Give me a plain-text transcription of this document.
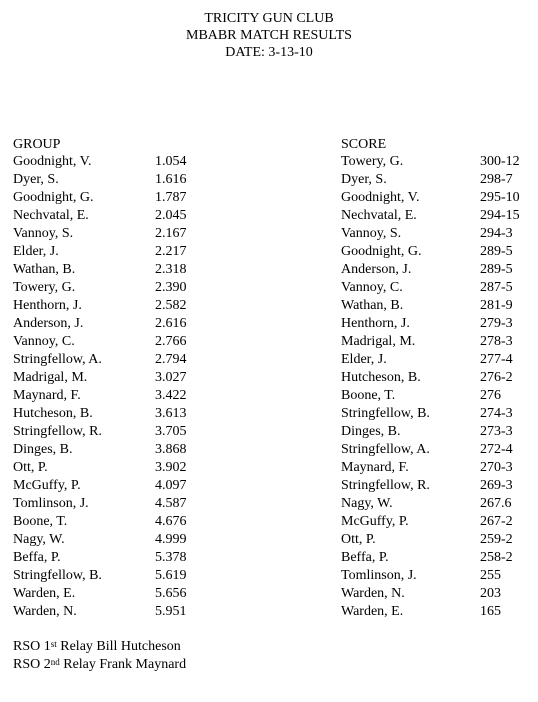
TRICITY GUN CLUB
MBABR MATCH RESULTS
DATE: 3-13-10
GROUP	SCORE
Goodnight, V.	1.054
Dyer, S.	1.616
Goodnight, G.	1.787
Nechvatal, E.	2.045
Vannoy, S.	2.167
Elder, J.	2.217
Wathan, B.	2.318
Towery, G.	2.390
Henthorn, J.	2.582
Anderson, J.	2.616
Vannoy, C.	2.766
Stringfellow, A.	2.794
Madrigal, M.	3.027
Maynard, F.	3.422
Hutcheson, B.	3.613
Stringfellow, R.	3.705
Dinges, B.	3.868
Ott, P.	3.902
McGuffy, P.	4.097
Tomlinson, J.	4.587
Boone, T.	4.676
Nagy, W.	4.999
Beffa, P.	5.378
Stringfellow, B.	5.619
Warden, E.	5.656
Warden, N.	5.951
Towery, G.	300-12
Dyer, S.	298-7
Goodnight, V.	295-10
Nechvatal, E.	294-15
Vannoy, S.	294-3
Goodnight, G.	289-5
Anderson, J.	289-5
Vannoy, C.	287-5
Wathan, B.	281-9
Henthorn, J.	279-3
Madrigal, M.	278-3
Elder, J.	277-4
Hutcheson, B.	276-2
Boone, T.	276
Stringfellow, B.	274-3
Dinges, B.	273-3
Stringfellow, A.	272-4
Maynard, F.	270-3
Stringfellow, R.	269-3
Nagy, W.	267.6
McGuffy, P.	267-2
Ott, P.	259-2
Beffa, P.	258-2
Tomlinson, J.	255
Warden, N.	203
Warden, E.	165
RSO 1st Relay Bill Hutcheson
RSO 2nd Relay Frank Maynard
